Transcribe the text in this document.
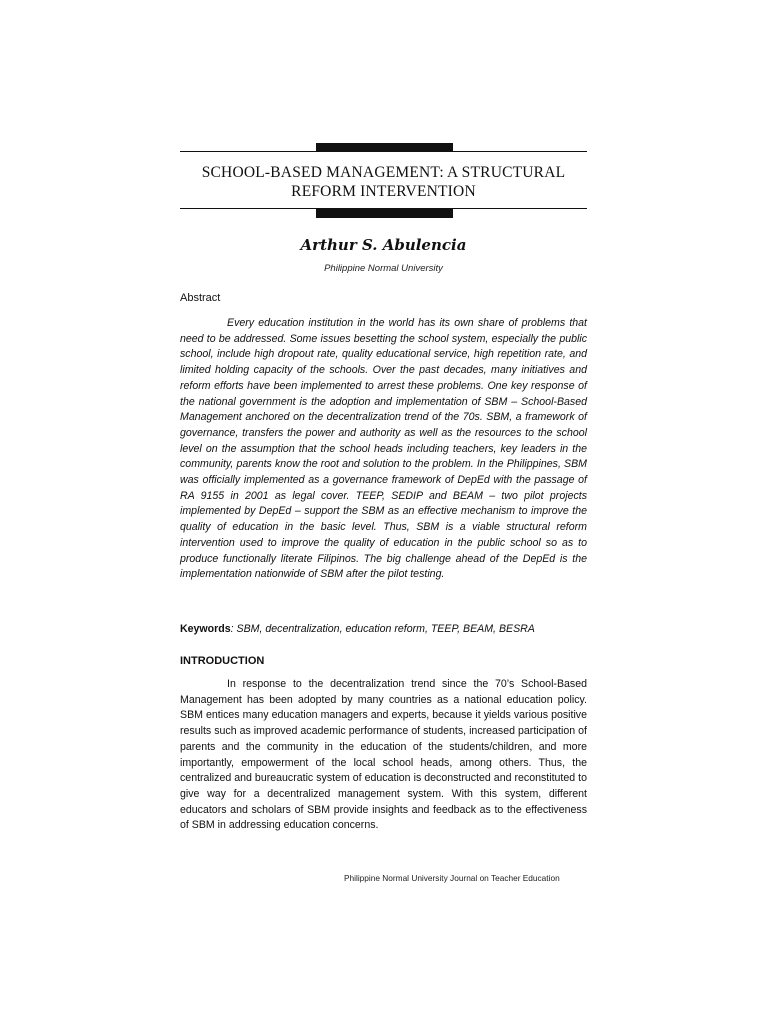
SCHOOL-BASED MANAGEMENT: A STRUCTURAL
REFORM INTERVENTION
Arthur S. Abulencia
Philippine Normal University
Abstract

Every education institution in the world has its own share of problems that need to be addressed. Some issues besetting the school system, especially the public school, include high dropout rate, quality educational service, high repetition rate, and limited holding capacity of the schools. Over the past decades, many initiatives and reform efforts have been implemented to arrest these problems. One key response of the national government is the adoption and implementation of SBM – School-Based Management anchored on the decentralization trend of the 70s. SBM, a framework of governance, transfers the power and authority as well as the resources to the school level on the assumption that the school heads including teachers, key leaders in the community, parents know the root and solution to the problem. In the Philippines, SBM was officially implemented as a governance framework of DepEd with the passage of RA 9155 in 2001 as legal cover. TEEP, SEDIP and BEAM – two pilot projects implemented by DepEd – support the SBM as an effective mechanism to improve the quality of education in the basic level. Thus, SBM is a viable structural reform intervention used to improve the quality of education in the public school so as to produce functionally literate Filipinos. The big challenge ahead of the DepEd is the implementation nationwide of SBM after the pilot testing.

Keywords: SBM, decentralization, education reform, TEEP, BEAM, BESRA
INTRODUCTION

In response to the decentralization trend since the 70’s School-Based Management has been adopted by many countries as a national education policy. SBM entices many education managers and experts, because it yields various positive results such as improved academic performance of students, increased participation of parents and the community in the education of the students/children, and more importantly, empowerment of the local school heads, among others. Thus, the centralized and bureaucratic system of education is deconstructed and reconstituted to give way for a decentralized management system. With this system, different educators and scholars of SBM provide insights and feedback as to the effectiveness of SBM in addressing education concerns.

Philippine Normal University Journal on Teacher Education
